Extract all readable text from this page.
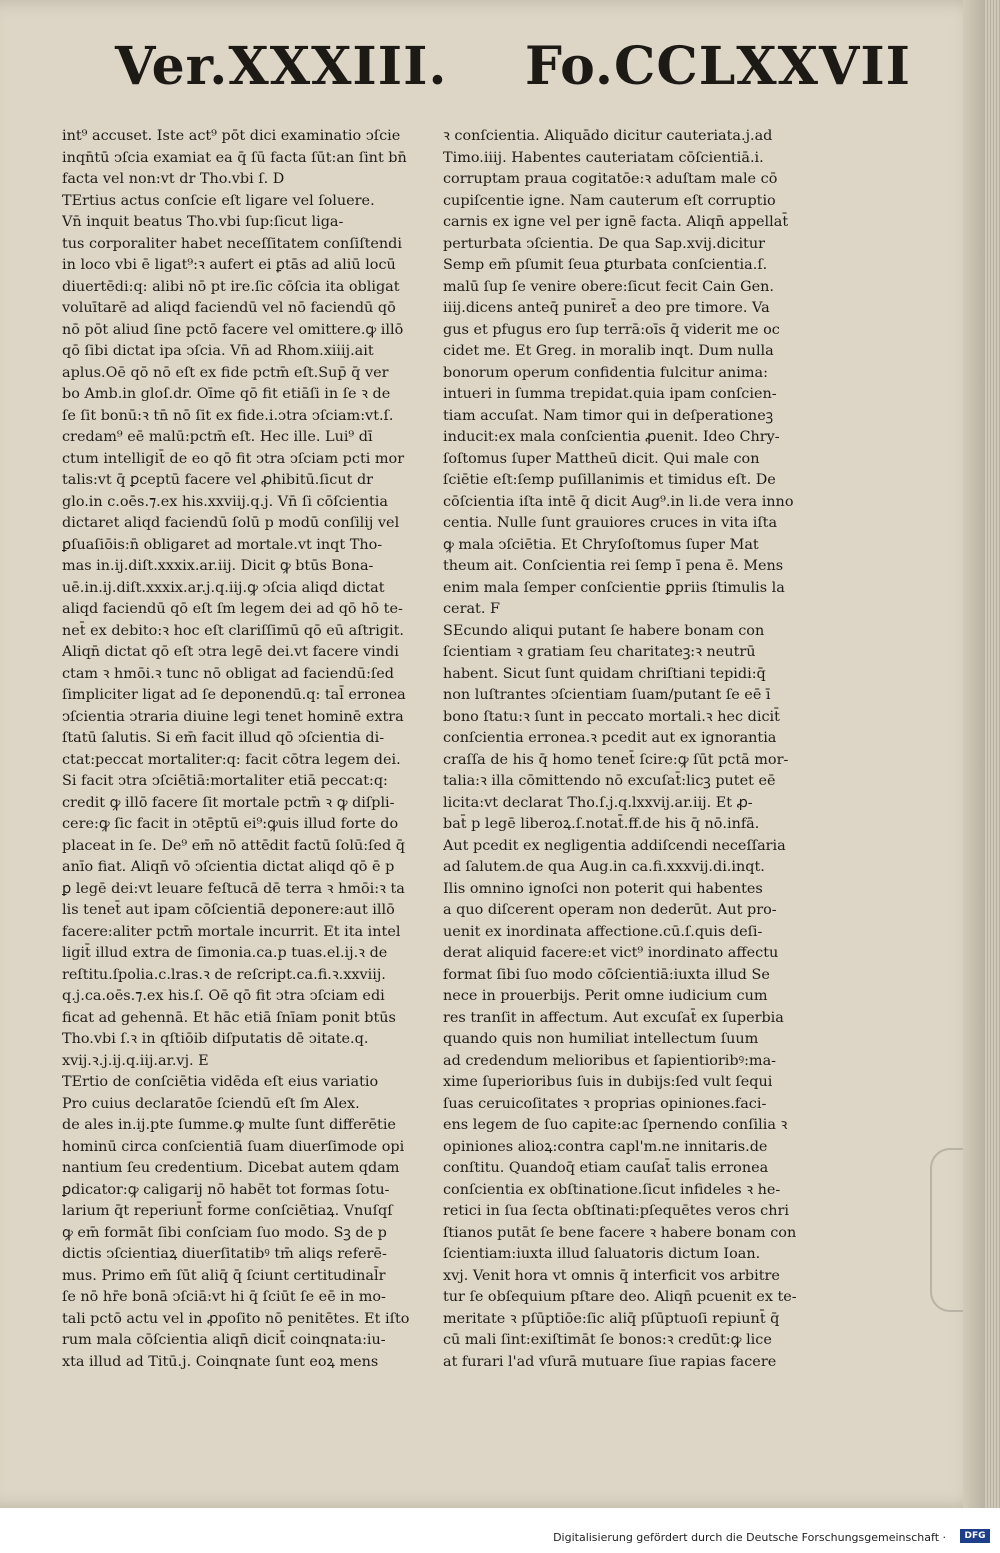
Ver.XXXIII. Fo.CCLXXVII
int⁹ accuset. Iste act⁹ pōt dici examinatio ↄſcie
inqn̄tū ↄſcia examiat ea q̄ ſū facta ſūt:an ſint bn̄
facta vel non:vt dr Tho.vbi ſ. D
TErtius actus conſcie eſt ligare vel ſoluere.
Vn̄ inquit beatus Tho.vbi ſup:ſicut liga-
tus corporaliter habet neceſſitatem conſiſtendi
in loco vbi ē ligat⁹:ꝛ aufert ei ꝑtās ad aliū locū
diuertēdi:q: alibi nō pt ire.ſic cōſcia ita obligat
voluītarē ad aliqd faciendū vel nō faciendū qō
nō pōt aliud ſine pctō facere vel omittere.ꝙ illō
qō ſibi dictat ipa ↄſcia. Vn̄ ad Rhom.xiiij.ait
aplus.Oē qō nō eſt ex fide pctm̄ eſt.Sup̄ q̄ ver
bo Amb.in gloſ.dr. Oīme qō fit etiāſi in ſe ꝛ de
ſe ſit bonū:ꝛ tn̄ nō ſit ex fide.i.ↄtra ↄſciam:vt.ſ.
credam⁹ eē malū:pctm̄ eſt. Hec ille. Lui⁹ dī
ctum intelligit̄ de eo qō fit ↄtra ↄſciam pcti mor
talis:vt q̄ ꝑceptū facere vel ꝓhibitū.ſicut dr
glo.in c.oēs.⁊.ex his.xxviij.q.j. Vn̄ ſi cōſcientia
dictaret aliqd faciendū ſolū p modū conſilij vel
ꝑſuaſiōis:n̄ obligaret ad mortale.vt inqt Tho-
mas in.ij.diſt.xxxix.ar.iij. Dicit ꝙ btūs Bona-
uē.in.ij.diſt.xxxix.ar.j.q.iij.ꝙ ↄſcia aliqd dictat
aliqd faciendū qō eſt ſm legem dei ad qō hō te-
net̄ ex debito:ꝛ hoc eſt clariſſimū qō eū aſtrigit.
Aliqn̄ dictat qō eſt ↄtra legē dei.vt facere vindi
ctam ꝛ hmōi.ꝛ tunc nō obligat ad faciendū:ſed
ſimpliciter ligat ad ſe deponendū.q: tal̄ erronea
ↄſcientia ↄtraria diuine legi tenet hominē extra
ſtatū ſalutis. Si em̄ facit illud qō ↄſcientia di-
ctat:peccat mortaliter:q: facit cōtra legem dei.
Si facit ↄtra ↄſciētiā:mortaliter etiā peccat:q:
credit ꝙ illō facere ſit mortale pctm̄ ꝛ ꝙ diſpli-
cere:ꝙ ſic facit in ↄtēptū ei⁹:ꝙuis illud forte do
placeat in ſe. De⁹ em̄ nō attēdit factū ſolū:ſed q̄
anīo fiat. Aliqn̄ vō ↄſcientia dictat aliqd qō ē p
ꝑ legē dei:vt leuare feſtucā dē terra ꝛ hmōi:ꝛ ta
lis tenet̄ aut ipam cōſcientiā deponere:aut illō
facere:aliter pctm̄ mortale incurrit. Et ita intel
ligit̄ illud extra de ſimonia.ca.p tuas.el.ij.ꝛ de
reſtitu.ſpolia.c.lras.ꝛ de reſcript.ca.fi.ꝛ.xxviij.
q.j.ca.oēs.⁊.ex his.ſ. Oē qō fit ↄtra ↄſciam edi
ficat ad gehennā. Et hāc etiā ſnīam ponit btūs
Tho.vbi ſ.ꝛ in qſtiōib diſputatis dē ↄitate.q.
xvij.ꝛ.j.ij.q.iij.ar.vj. E
TErtio de conſciētia vidēda eſt eius variatio
Pro cuius declaratōe ſciendū eſt ſm Alex.
de ales in.ij.pte ſumme.ꝙ multe ſunt differētie
hominū circa conſcientiā ſuam diuerſimode opi
nantium ſeu credentium. Dicebat autem qdam
ꝑdicator:ꝙ caligarij nō habēt tot formas ſotu-
larium q̄t reperiunt̄ forme conſciētiaꝝ. Vnuſqſ
ꝙ em̄ formāt ſibi conſciam ſuo modo. Sꝫ de p
dictis ↄſcientiaꝝ diuerſitatibꝰ tm̄ aliqs referē-
mus. Primo em̄ ſūt aliq̄ q̄ ſciunt certitudinal̄r
ſe nō hr̄e bonā ↄſciā:vt hi q̄ ſciūt ſe eē in mo-
tali pctō actu vel in ꝓpoſito nō penitētes. Et iſto
rum mala cōſcientia aliqn̄ dicit̄ coinqnata:iu-
xta illud ad Titū.j. Coinqnate ſunt eoꝝ mens
ꝛ conſcientia. Aliquādo dicitur cauteriata.j.ad
Timo.iiij. Habentes cauteriatam cōſcientiā.i.
corruptam praua cogitatōe:ꝛ aduſtam male cō
cupiſcentie igne. Nam cauterum eſt corruptio
carnis ex igne vel per ignē facta. Aliqn̄ appellat̄
perturbata ↄſcientia. De qua Sap.xvij.dicitur
Semp em̄ pſumit ſeua ꝑturbata conſcientia.ſ.
malū ſup ſe venire obere:ſicut fecit Cain Gen.
iiij.dicens anteq̄ puniret̄ a deo pre timore. Va
gus et pfugus ero ſup terrā:oīs q̄ viderit me oc
cidet me. Et Greg. in moralib inqt. Dum nulla
bonorum operum confidentia fulcitur anima:
intueri in ſumma trepidat.quia ipam conſcien-
tiam accuſat. Nam timor qui in deſperationeꝫ
inducit:ex mala conſcientia ꝓuenit. Ideo Chry-
ſoſtomus ſuper Mattheū dicit. Qui male con
ſciētie eſt:ſemp puſillanimis et timidus eſt. De
cōſcientia iſta intē q̄ dicit Aug⁹.in li.de vera inno
centia. Nulle ſunt grauiores cruces in vita iſta
ꝙ mala ↄſciētia. Et Chryſoſtomus ſuper Mat
theum ait. Conſcientia rei ſemp ī pena ē. Mens
enim mala ſemper conſcientie ꝑpriis ſtimulis la
cerat. F
SEcundo aliqui putant ſe habere bonam con
ſcientiam ꝛ gratiam ſeu charitateꝫ:ꝛ neutrū
habent. Sicut ſunt quidam chriſtiani tepidi:q̄
non luſtrantes ↄſcientiam ſuam/putant ſe eē ī
bono ſtatu:ꝛ ſunt in peccato mortali.ꝛ hec dicit̄
conſcientia erronea.ꝛ pcedit aut ex ignorantia
craſſa de his q̄ homo tenet̄ ſcire:ꝙ ſūt pctā mor-
talia:ꝛ illa cōmittendo nō excuſat̄:licꝫ putet eē
licita:vt declarat Tho.ſ.j.q.lxxvij.ar.iij. Et ꝓ-
bat̄ p legē liberoꝝ.ſ.notat̄.ff.de his q̄ nō.infā.
Aut pcedit ex negligentia addiſcendi neceſſaria
ad ſalutem.de qua Aug.in ca.fi.xxxvij.di.inqt.
Ilis omnino ignoſci non poterit qui habentes
a quo diſcerent operam non dederūt. Aut pro-
uenit ex inordinata affectione.cū.ſ.quis deſi-
derat aliquid facere:et vict⁹ inordinato affectu
format ſibi ſuo modo cōſcientiā:iuxta illud Se
nece in prouerbijs. Perit omne iudicium cum
res tranſit in affectum. Aut excuſat̄ ex ſuperbia
quando quis non humiliat intellectum ſuum
ad credendum melioribus et ſapientioribꝰ:ma-
xime ſuperioribus ſuis in dubijs:ſed vult ſequi
ſuas ceruicoſitates ꝛ proprias opiniones.faci-
ens legem de ſuo capite:ac ſpernendo conſilia ꝛ
opiniones alioꝝ:contra capl'm.ne innitaris.de
conſtitu. Quandoq̄ etiam cauſat̄ talis erronea
conſcientia ex obſtinatione.ſicut infideles ꝛ he-
retici in ſua ſecta obſtinati:pſequētes veros chri
ſtianos putāt ſe bene facere ꝛ habere bonam con
ſcientiam:iuxta illud ſaluatoris dictum Ioan.
xvj. Venit hora vt omnis q̄ interficit vos arbitre
tur ſe obſequium pſtare deo. Aliqn̄ pcuenit ex te-
meritate ꝛ pſūptiōe:ſic aliq̄ pſūptuoſi repiunt̄ q̄
cū mali ſint:exiſtimāt ſe bonos:ꝛ credūt:ꝙ lice
at furari l'ad vſurā mutuare ſiue rapias facere
Digitalisierung gefördert durch die Deutsche Forschungsgemeinschaft ·	DFG
